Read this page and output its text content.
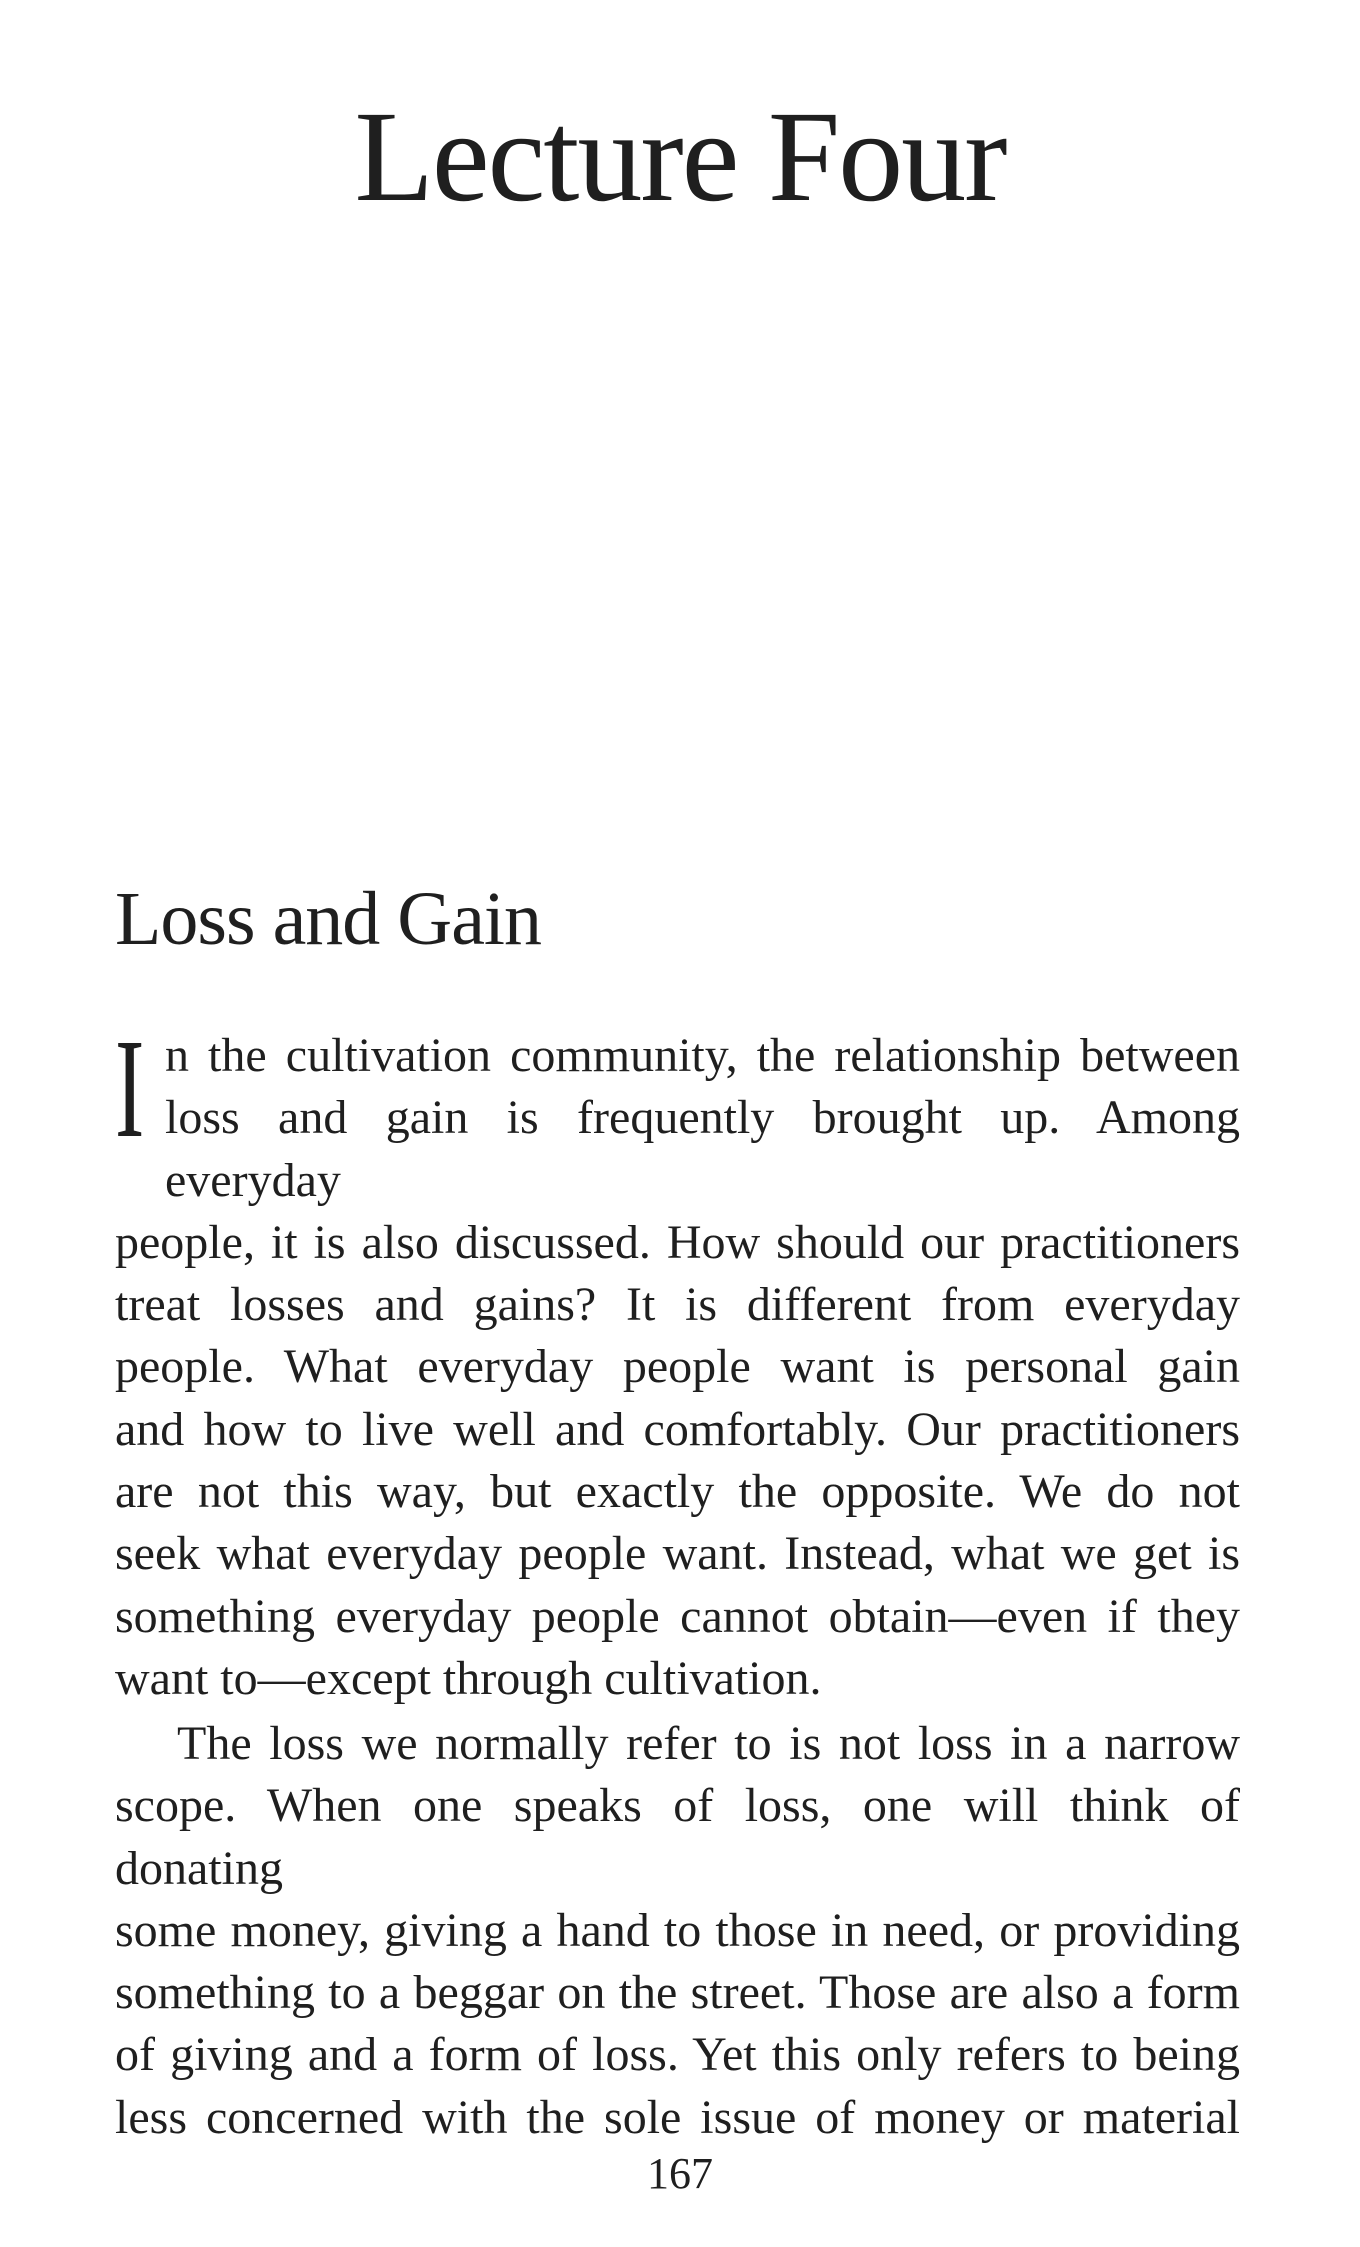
Lecture Four
Loss and Gain
I n the cultivation community, the relationship between
loss and gain is frequently brought up. Among everyday
people, it is also discussed. How should our practitioners
treat losses and gains? It is different from everyday
people. What everyday people want is personal gain
and how to live well and comfortably. Our practitioners
are not this way, but exactly the opposite. We do not
seek what everyday people want. Instead, what we get is
something everyday people cannot obtain—even if they
want to—except through cultivation.
The loss we normally refer to is not loss in a narrow
scope. When one speaks of loss, one will think of donating
some money, giving a hand to those in need, or providing
something to a beggar on the street. Those are also a form
of giving and a form of loss. Yet this only refers to being
less concerned with the sole issue of money or material
167
